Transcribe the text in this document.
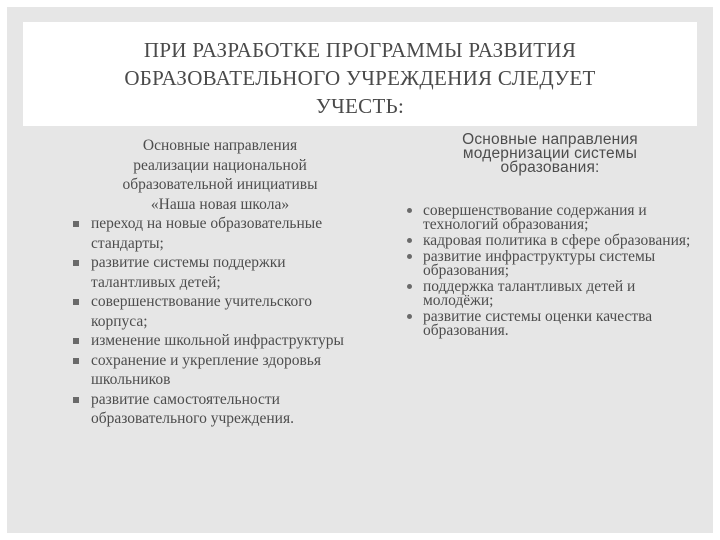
ПРИ РАЗРАБОТКЕ ПРОГРАММЫ РАЗВИТИЯ
ОБРАЗОВАТЕЛЬНОГО УЧРЕЖДЕНИЯ СЛЕДУЕТ
УЧЕСТЬ:
Основные направления
реализации национальной
образовательной инициативы
«Наша новая школа»
переход на новые образовательные стандарты;
развитие системы поддержки талантливых детей;
совершенствование учительского корпуса;
изменение школьной инфраструктуры
сохранение и укрепление здоровья школьников
развитие самостоятельности образовательного учреждения.
Основные направления
модернизации системы
образования:
совершенствование содержания и технологий образования;
кадровая политика в сфере образования;
развитие инфраструктуры системы образования;
поддержка талантливых детей и молодёжи;
развитие системы оценки качества образования.
